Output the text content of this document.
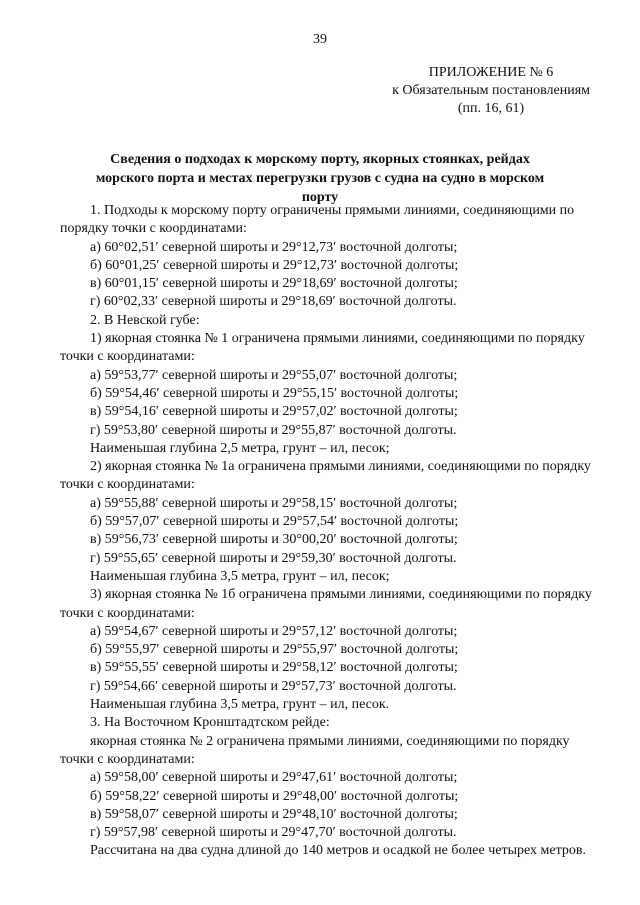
39
ПРИЛОЖЕНИЕ № 6
к Обязательным постановлениям
(пп. 16, 61)
Сведения о подходах к морскому порту, якорных стоянках, рейдах морского порта и местах перегрузки грузов с судна на судно в морском порту
1. Подходы к морскому порту ограничены прямыми линиями, соединяющими по
порядку точки с координатами:
а) 60°02,51′ северной широты и 29°12,73′ восточной долготы;
б) 60°01,25′ северной широты и 29°12,73′ восточной долготы;
в) 60°01,15′ северной широты и 29°18,69′ восточной долготы;
г) 60°02,33′ северной широты и 29°18,69′ восточной долготы.
2. В Невской губе:
1) якорная стоянка № 1 ограничена прямыми линиями, соединяющими по порядку
точки с координатами:
а) 59°53,77′ северной широты и 29°55,07′ восточной долготы;
б) 59°54,46′ северной широты и 29°55,15′ восточной долготы;
в) 59°54,16′ северной широты и 29°57,02′ восточной долготы;
г) 59°53,80′ северной широты и 29°55,87′ восточной долготы.
Наименьшая глубина 2,5 метра, грунт – ил, песок;
2) якорная стоянка № 1а ограничена прямыми линиями, соединяющими по порядку
точки с координатами:
а) 59°55,88′ северной широты и 29°58,15′ восточной долготы;
б) 59°57,07′ северной широты и 29°57,54′ восточной долготы;
в) 59°56,73′ северной широты и 30°00,20′ восточной долготы;
г) 59°55,65′ северной широты и 29°59,30′ восточной долготы.
Наименьшая глубина 3,5 метра, грунт – ил, песок;
3) якорная стоянка № 1б ограничена прямыми линиями, соединяющими по порядку
точки с координатами:
а) 59°54,67′ северной широты и 29°57,12′ восточной долготы;
б) 59°55,97′ северной широты и 29°55,97′ восточной долготы;
в) 59°55,55′ северной широты и 29°58,12′ восточной долготы;
г) 59°54,66′ северной широты и 29°57,73′ восточной долготы.
Наименьшая глубина 3,5 метра, грунт – ил, песок.
3. На Восточном Кронштадтском рейде:
якорная стоянка № 2 ограничена прямыми линиями, соединяющими по порядку
точки с координатами:
а) 59°58,00′ северной широты и 29°47,61′ восточной долготы;
б) 59°58,22′ северной широты и 29°48,00′ восточной долготы;
в) 59°58,07′ северной широты и 29°48,10′ восточной долготы;
г) 59°57,98′ северной широты и 29°47,70′ восточной долготы.
Рассчитана на два судна длиной до 140 метров и осадкой не более четырех метров.
